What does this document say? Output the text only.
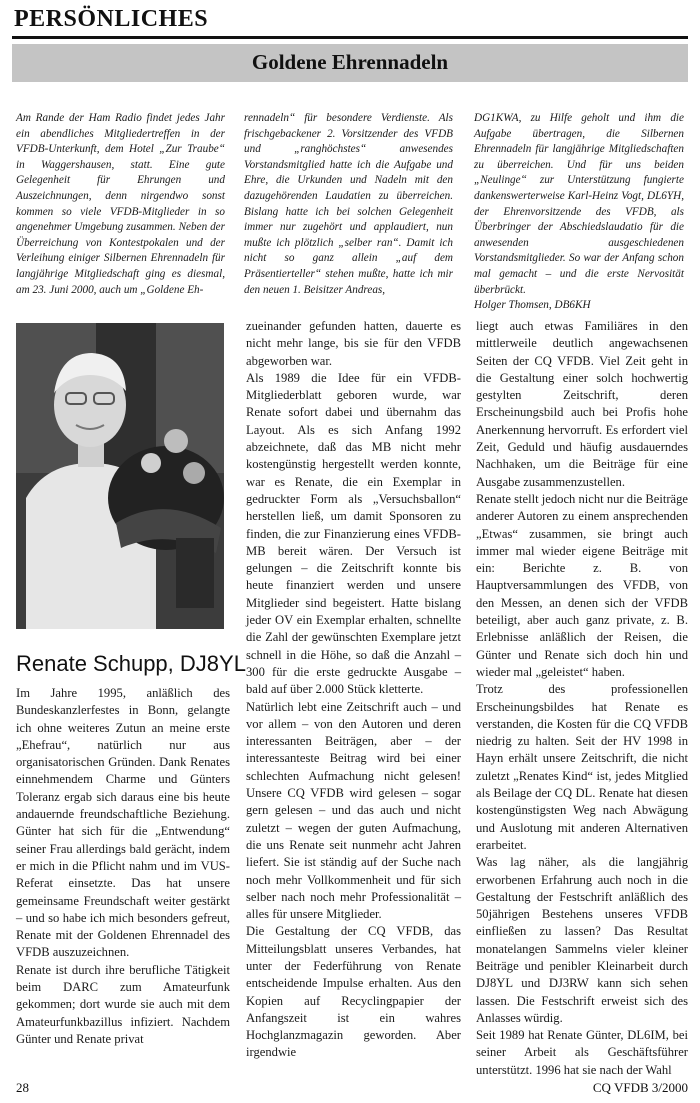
PERSÖNLICHES
Goldene Ehrennadeln

Am Rande der Ham Radio findet jedes Jahr ein abendliches Mitgliedertreffen in der VFDB-Unterkunft, dem Hotel „Zur Traube“ in Waggershausen, statt. Eine gute Gelegenheit für Ehrungen und Auszeichnungen, denn nirgendwo sonst kommen so viele VFDB-Mitglieder in so angenehmer Umgebung zusammen. Neben der Überreichung von Kontestpokalen und der Verleihung einiger Silbernen Ehrennadeln für langjährige Mitgliedschaft ging es diesmal, am 23. Juni 2000, auch um „Goldene Eh-

rennadeln“ für besondere Verdienste. Als frischgebackener 2. Vorsitzender des VFDB und „ranghöchstes“ anwesendes Vorstandsmitglied hatte ich die Aufgabe und Ehre, die Urkunden und Nadeln mit den dazugehörenden Laudatien zu überreichen. Bislang hatte ich bei solchen Gelegenheit immer nur zugehört und applaudiert, nun mußte ich plötzlich „selber ran“. Damit ich nicht so ganz allein „auf dem Präsentierteller“ stehen mußte, hatte ich mir den neuen 1. Beisitzer Andreas,

DG1KWA, zu Hilfe geholt und ihm die Aufgabe übertragen, die Silbernen Ehrennadeln für langjährige Mitgliedschaften zu überreichen. Und für uns beiden „Neulinge“ zur Unterstützung fungierte dankenswerterweise Karl-Heinz Vogt, DL6YH, der Ehrenvorsitzende des VFDB, als Überbringer der Abschiedslaudatio für die anwesenden ausgeschiedenen Vorstandsmitglieder. So war der Anfang schon mal gemacht – und die erste Nervosität überbrückt.

Holger Thomsen, DB6KH

Renate Schupp, DJ8YL

Im Jahre 1995, anläßlich des Bundeskanzlerfestes in Bonn, gelangte ich ohne weiteres Zutun an meine erste „Ehefrau“, natürlich nur aus organisatorischen Gründen. Dank Renates einnehmendem Charme und Günters Toleranz ergab sich daraus eine bis heute andauernde freundschaftliche Beziehung. Günter hat sich für die „Entwendung“ seiner Frau allerdings bald gerächt, indem er mich in die Pflicht nahm und im VUS-Referat einsetzte. Das hat unsere gemeinsame Freundschaft weiter gestärkt – und so habe ich mich besonders gefreut, Renate mit der Goldenen Ehrennadel des VFDB auszuzeichnen.

Renate ist durch ihre berufliche Tätigkeit beim DARC zum Amateurfunk gekommen; dort wurde sie auch mit dem Amateurfunkbazillus infiziert. Nachdem Günter und Renate privat

zueinander gefunden hatten, dauerte es nicht mehr lange, bis sie für den VFDB abgeworben war.

Als 1989 die Idee für ein VFDB-Mitgliederblatt geboren wurde, war Renate sofort dabei und übernahm das Layout. Als es sich Anfang 1992 abzeichnete, daß das MB nicht mehr kostengünstig hergestellt werden konnte, war es Renate, die ein Exemplar in gedruckter Form als „Versuchsballon“ herstellen ließ, um damit Sponsoren zu finden, die zur Finanzierung eines VFDB-MB bereit wären. Der Versuch ist gelungen – die Zeitschrift konnte bis heute finanziert werden und unsere Mitglieder sind begeistert. Hatte bislang jeder OV ein Exemplar erhalten, schnellte die Zahl der gewünschten Exemplare jetzt schnell in die Höhe, so daß die Anzahl – 300 für die erste gedruckte Ausgabe – bald auf über 2.000 Stück kletterte.

Natürlich lebt eine Zeitschrift auch – und vor allem – von den Autoren und deren interessanten Beiträgen, aber – der interessanteste Beitrag wird bei einer schlechten Aufmachung nicht gelesen! Unsere CQ VFDB wird gelesen – sogar gern gelesen – und das auch und nicht zuletzt – wegen der guten Aufmachung, die uns Renate seit nunmehr acht Jahren liefert. Sie ist ständig auf der Suche nach noch mehr Vollkommenheit und für sich selber nach noch mehr Professionalität – alles für unsere Mitglieder.

Die Gestaltung der CQ VFDB, das Mitteilungsblatt unseres Verbandes, hat unter der Federführung von Renate entscheidende Impulse erhalten. Aus den Kopien auf Recyclingpapier der Anfangszeit ist ein wahres Hochglanzmagazin geworden. Aber irgendwie

liegt auch etwas Familiäres in den mittlerweile deutlich angewachsenen Seiten der CQ VFDB. Viel Zeit geht in die Gestaltung einer solch hochwertig gestylten Zeitschrift, deren Erscheinungsbild auch bei Profis hohe Anerkennung hervorruft. Es erfordert viel Zeit, Geduld und häufig ausdauerndes Nachhaken, um die Beiträge für eine Ausgabe zusammenzustellen.

Renate stellt jedoch nicht nur die Beiträge anderer Autoren zu einem ansprechenden „Etwas“ zusammen, sie bringt auch immer mal wieder eigene Beiträge mit ein: Berichte z. B. von Hauptversammlungen des VFDB, von den Messen, an denen sich der VFDB beteiligt, aber auch ganz private, z. B. Erlebnisse anläßlich der Reisen, die Günter und Renate sich doch hin und wieder mal „geleistet“ haben.

Trotz des professionellen Erscheinungsbildes hat Renate es verstanden, die Kosten für die CQ VFDB niedrig zu halten. Seit der HV 1998 in Hayn erhält unsere Zeitschrift, die nicht zuletzt „Renates Kind“ ist, jedes Mitglied als Beilage der CQ DL. Renate hat diesen kostengünstigsten Weg nach Abwägung und Auslotung mit anderen Alternativen erarbeitet.

Was lag näher, als die langjährig erworbenen Erfahrung auch noch in die Gestaltung der Festschrift anläßlich des 50jährigen Bestehens unseres VFDB einfließen zu lassen? Das Resultat monatelangen Sammelns vieler kleiner Beiträge und penibler Kleinarbeit durch DJ8YL und DJ3RW kann sich sehen lassen. Die Festschrift erweist sich des Anlasses würdig.

Seit 1989 hat Renate Günter, DL6IM, bei seiner Arbeit als Geschäftsführer unterstützt. 1996 hat sie nach der Wahl

28	CQ VFDB 3/2000
